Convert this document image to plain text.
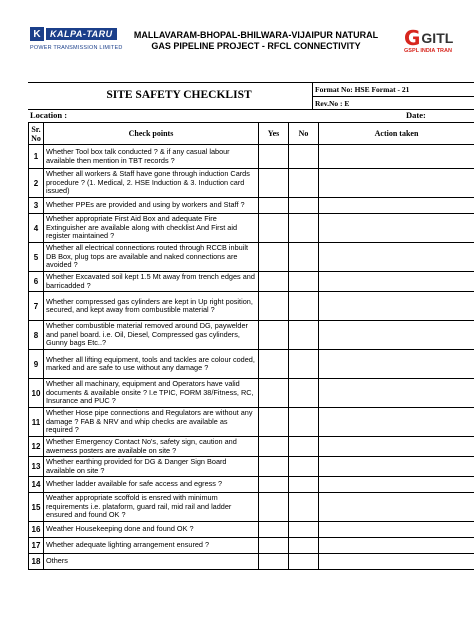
K	KALPA-TARU
POWER TRANSMISSION LIMITED
MALLAVARAM-BHOPAL-BHILWARA-VIJAIPUR NATURAL
GAS PIPELINE PROJECT - RFCL CONNECTIVITY	G GITL
GSPL INDIA TRAN
SITE SAFETY CHECKLIST	Format No: HSE Format - 21
Rev.No : E
Location :	Date:
Sr. No	Check points	Yes	No	Action taken
1	Whether Tool box talk conducted ? & if any casual labour available then mention in TBT records ?			
2	Whether all workers & Staff have gone through induction Cards procedure ? (1. Medical, 2. HSE Induction & 3. Induction card issued)			
3	Whether PPEs are provided and using by workers and Staff ?			
4	Whether appropriate First Aid Box and adequate Fire Extinguisher are available along with checklist And First aid register maintained ?			
5	Whether all electrical connections routed through RCCB inbuilt DB Box, plug tops are available and naked connections are avoided ?			
6	Whether Excavated soil kept 1.5 Mt away from trench edges and barricadded ?			
7	Whether compressed gas cylinders are kept in Up right position, secured, and kept away from combustible material ?			
8	Whether combustible material removed around DG, paywelder and panel board. i.e. Oil, Diesel, Compressed gas cylinders, Gunny bags Etc..?			
9	Whether all lifting equipment, tools and tackles are colour coded, marked and are safe to use without any damage ?			
10	Whether all machinary, equipment and Operators have valid documents & available onsite ? I.e TPIC, FORM 38/Fitness, RC, Insurance and PUC ?			
11	Whether Hose pipe connections and Regulators are without any damage ? FAB & NRV and whip checks are available as required ?			
12	Whether Emergency Contact No's, safety sign, caution and awerness posters are available on site ?			
13	Whether earthing provided for DG & Danger Sign Board available on site ?			
14	Whether ladder available for safe access and egress ?			
15	Weather appropriate scoffold is ensred with minimum requirements i.e. plataform, guard rail, mid rail and ladder ensured and found OK ?			
16	Weather Housekeeping done and found OK ?			
17	Whether adequate lighting arrangement ensured ?			
18	Others			
